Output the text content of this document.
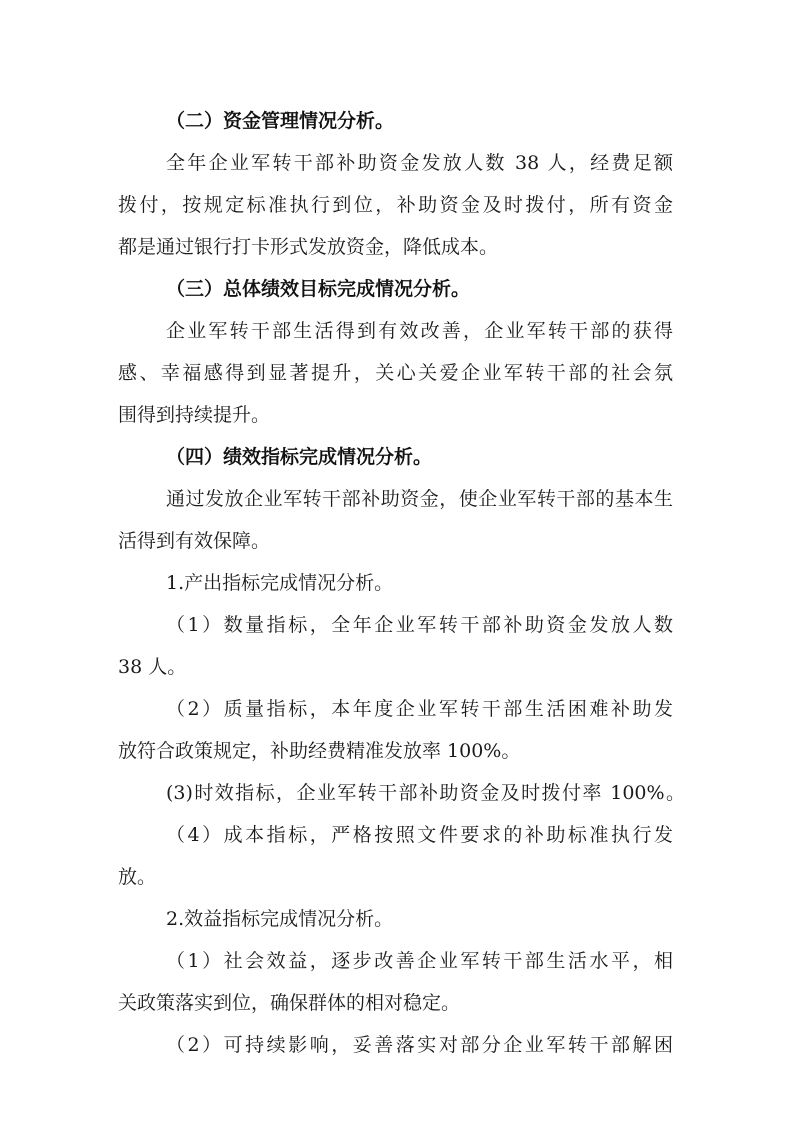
（二）资金管理情况分析。
全年企业军转干部补助资金发放人数 38 人，经费足额
拨付，按规定标准执行到位，补助资金及时拨付，所有资金
都是通过银行打卡形式发放资金，降低成本。
（三）总体绩效目标完成情况分析。
企业军转干部生活得到有效改善，企业军转干部的获得
感、幸福感得到显著提升，关心关爱企业军转干部的社会氛
围得到持续提升。
（四）绩效指标完成情况分析。
通过发放企业军转干部补助资金，使企业军转干部的基本生
活得到有效保障。
1.产出指标完成情况分析。
（1）数量指标，全年企业军转干部补助资金发放人数
38 人。
（2）质量指标，本年度企业军转干部生活困难补助发
放符合政策规定，补助经费精准发放率 100%。
(3)时效指标，企业军转干部补助资金及时拨付率 100%。
（4）成本指标，严格按照文件要求的补助标准执行发
放。
2.效益指标完成情况分析。
（1）社会效益，逐步改善企业军转干部生活水平，相
关政策落实到位，确保群体的相对稳定。
（2）可持续影响，妥善落实对部分企业军转干部解困
